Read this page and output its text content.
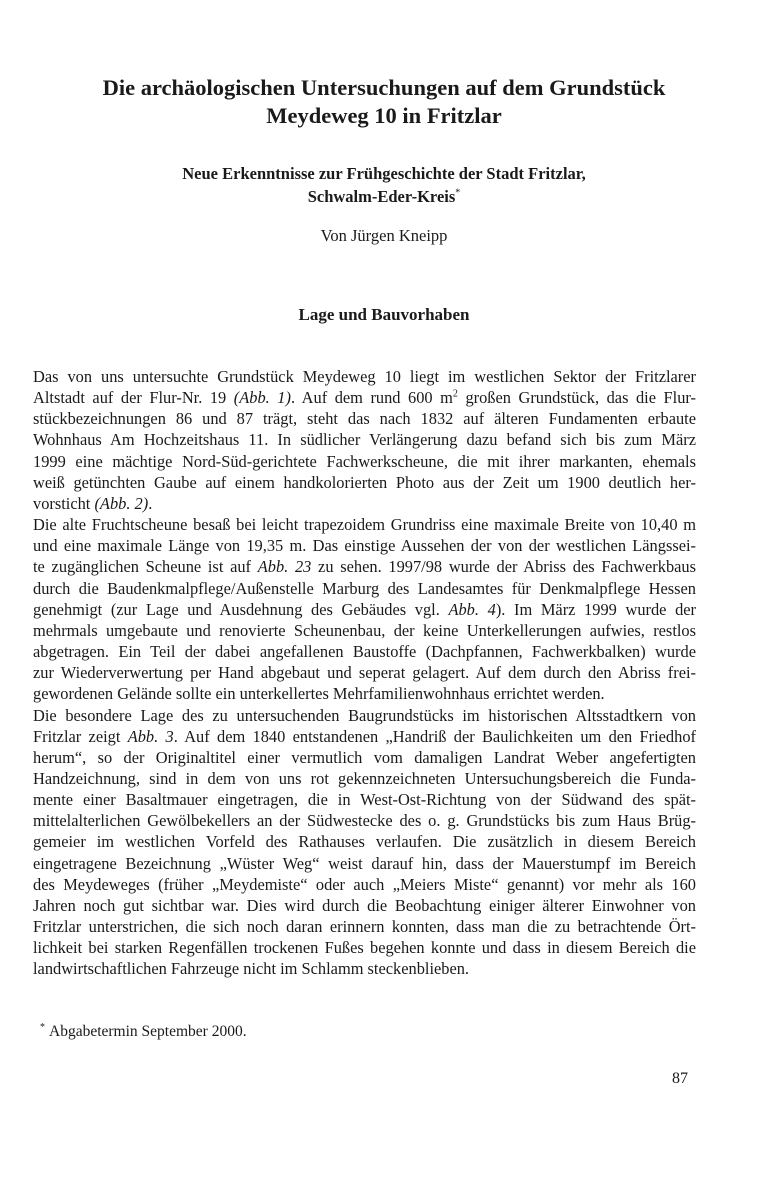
Die archäologischen Untersuchungen auf dem Grundstück
Meydeweg 10 in Fritzlar
Neue Erkenntnisse zur Frühgeschichte der Stadt Fritzlar,
Schwalm-Eder-Kreis*
Von Jürgen Kneipp
Lage und Bauvorhaben
Das von uns untersuchte Grundstück Meydeweg 10 liegt im westlichen Sektor der Fritzlarer
Altstadt auf der Flur-Nr. 19 (Abb. 1). Auf dem rund 600 $m^2$ großen Grundstück, das die Flur-
stückbezeichnungen 86 und 87 trägt, steht das nach 1832 auf älteren Fundamenten erbaute
Wohnhaus Am Hochzeitshaus 11. In südlicher Verlängerung dazu befand sich bis zum März
1999 eine mächtige Nord-Süd-gerichtete Fachwerkscheune, die mit ihrer markanten, ehemals
weiß getünchten Gaube auf einem handkolorierten Photo aus der Zeit um 1900 deutlich her-
vorsticht (Abb. 2).
Die alte Fruchtscheune besaß bei leicht trapezoidem Grundriss eine maximale Breite von 10,40 m
und eine maximale Länge von 19,35 m. Das einstige Aussehen der von der westlichen Längssei-
te zugänglichen Scheune ist auf Abb. 23 zu sehen. 1997/98 wurde der Abriss des Fachwerkbaus
durch die Baudenkmalpflege/Außenstelle Marburg des Landesamtes für Denkmalpflege Hessen
genehmigt (zur Lage und Ausdehnung des Gebäudes vgl. Abb. 4). Im März 1999 wurde der
mehrmals umgebaute und renovierte Scheunenbau, der keine Unterkellerungen aufwies, restlos
abgetragen. Ein Teil der dabei angefallenen Baustoffe (Dachpfannen, Fachwerkbalken) wurde
zur Wiederverwertung per Hand abgebaut und seperat gelagert. Auf dem durch den Abriss frei-
gewordenen Gelände sollte ein unterkellertes Mehrfamilienwohnhaus errichtet werden.
Die besondere Lage des zu untersuchenden Baugrundstücks im historischen Altsstadtkern von
Fritzlar zeigt Abb. 3. Auf dem 1840 entstandenen „Handriß der Baulichkeiten um den Friedhof
herum“, so der Originaltitel einer vermutlich vom damaligen Landrat Weber angefertigten
Handzeichnung, sind in dem von uns rot gekennzeichneten Untersuchungsbereich die Funda-
mente einer Basaltmauer eingetragen, die in West-Ost-Richtung von der Südwand des spät-
mittelalterlichen Gewölbekellers an der Südwestecke des o. g. Grundstücks bis zum Haus Brüg-
gemeier im westlichen Vorfeld des Rathauses verlaufen. Die zusätzlich in diesem Bereich
eingetragene Bezeichnung „Wüster Weg“ weist darauf hin, dass der Mauerstumpf im Bereich
des Meydeweges (früher „Meydemiste“ oder auch „Meiers Miste“ genannt) vor mehr als 160
Jahren noch gut sichtbar war. Dies wird durch die Beobachtung einiger älterer Einwohner von
Fritzlar unterstrichen, die sich noch daran erinnern konnten, dass man die zu betrachtende Ört-
lichkeit bei starken Regenfällen trockenen Fußes begehen konnte und dass in diesem Bereich die
landwirtschaftlichen Fahrzeuge nicht im Schlamm steckenblieben.
* Abgabetermin September 2000.
87
